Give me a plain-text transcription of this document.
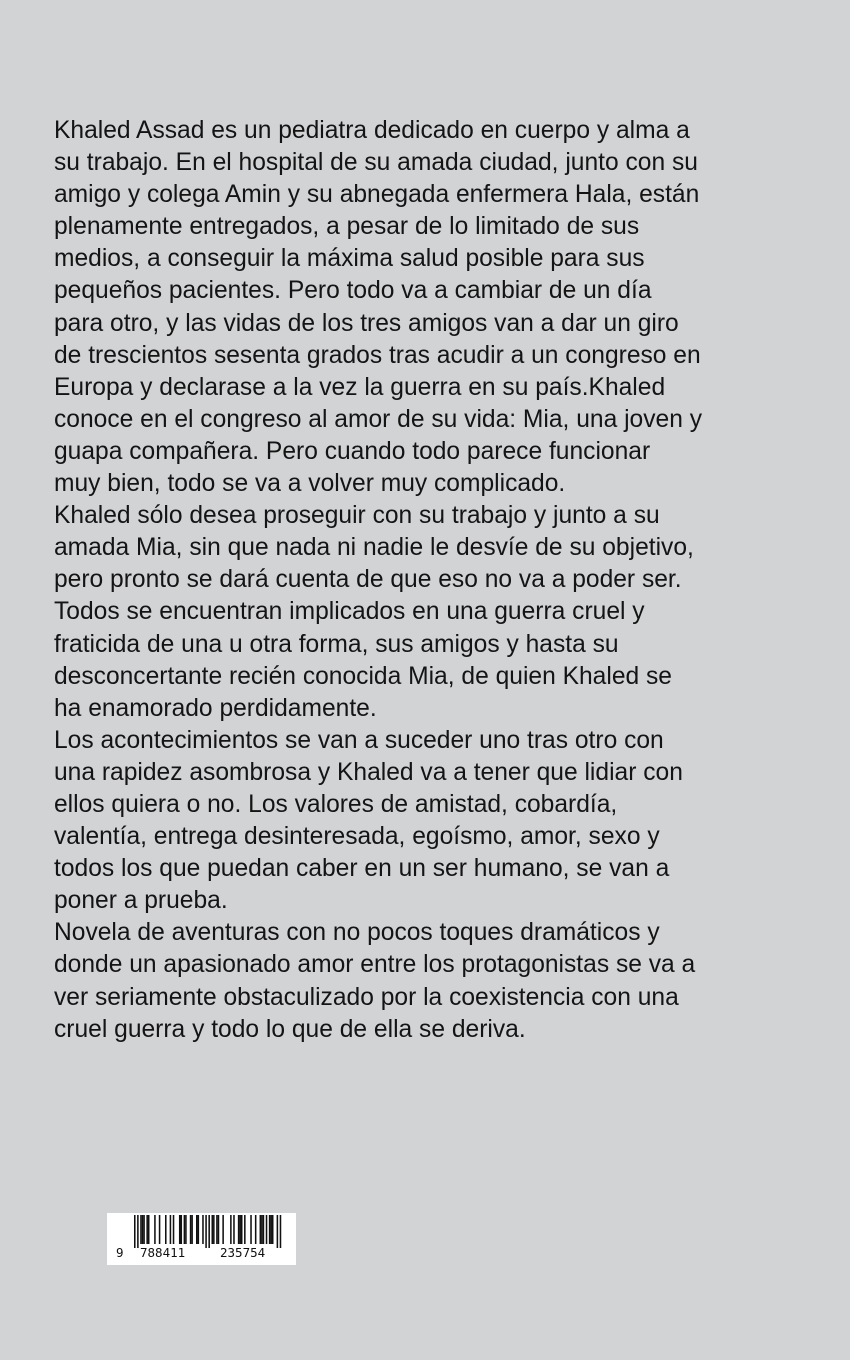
Khaled Assad es un pediatra dedicado en cuerpo y alma a
su trabajo. En el hospital de su amada ciudad, junto con su
amigo y colega Amin y su abnegada enfermera Hala, están
plenamente entregados, a pesar de lo limitado de sus
medios, a conseguir la máxima salud posible para sus
pequeños pacientes. Pero todo va a cambiar de un día
para otro, y las vidas de los tres amigos van a dar un giro
de trescientos sesenta grados tras acudir a un congreso en
Europa y declarase a la vez la guerra en su país.Khaled
conoce en el congreso al amor de su vida: Mia, una joven y
guapa compañera. Pero cuando todo parece funcionar
muy bien, todo se va a volver muy complicado.
Khaled sólo desea proseguir con su trabajo y junto a su
amada Mia, sin que nada ni nadie le desvíe de su objetivo,
pero pronto se dará cuenta de que eso no va a poder ser.
Todos se encuentran implicados en una guerra cruel y
fraticida de una u otra forma, sus amigos y hasta su
desconcertante recién conocida Mia, de quien Khaled se
ha enamorado perdidamente.
Los acontecimientos se van a suceder uno tras otro con
una rapidez asombrosa y Khaled va a tener que lidiar con
ellos quiera o no. Los valores de amistad, cobardía,
valentía, entrega desinteresada, egoísmo, amor, sexo y
todos los que puedan caber en un ser humano, se van a
poner a prueba.
Novela de aventuras con no pocos toques dramáticos y
donde un apasionado amor entre los protagonistas se va a
ver seriamente obstaculizado por la coexistencia con una
cruel guerra y todo lo que de ella se deriva.
9 788411	235754
